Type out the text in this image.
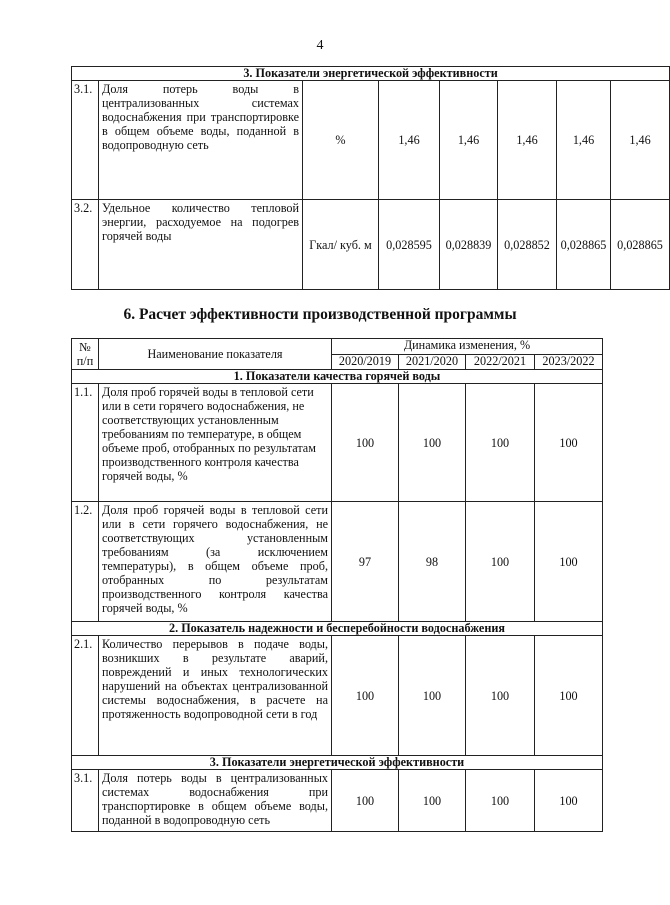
4
3. Показатели энергетической эффективности							
3.1.	Доля потерь воды в централизованных системах водоснабжения при транспортировке в общем объеме воды, поданной в водопроводную сеть	%	1,46	1,46	1,46	1,46	1,46
3.2.	Удельное количество тепловой энергии, расходуемое на подогрев горячей воды	Гкал/ куб. м	0,028595	0,028839	0,028852	0,028865	0,028865
6. Расчет эффективности производственной программы
№ п/п	Наименование показателя	Динамика изменения, %			
		2020/2019	2021/2020	2022/2021	2023/2022
1. Показатели качества горячей воды					
1.1.	Доля проб горячей воды в тепловой сети или в сети горячего водоснабжения, не соответствующих установленным требованиям по температуре, в общем объеме проб, отобранных по результатам производственного контроля качества горячей воды, %	100	100	100	100
1.2.	Доля проб горячей воды в тепловой сети или в сети горячего водоснабжения, не соответствующих установленным требованиям (за исключением температуры), в общем объеме проб, отобранных по результатам производственного контроля качества горячей воды, %	97	98	100	100
2. Показатель надежности и бесперебойности водоснабжения					
2.1.	Количество перерывов в подаче воды, возникших в результате аварий, повреждений и иных технологических нарушений на объектах централизованной системы водоснабжения, в расчете на протяженность водопроводной сети в год	100	100	100	100
3. Показатели энергетической эффективности					
3.1.	Доля потерь воды в централизованных системах водоснабжения при транспортировке в общем объеме воды, поданной в водопроводную сеть	100	100	100	100
